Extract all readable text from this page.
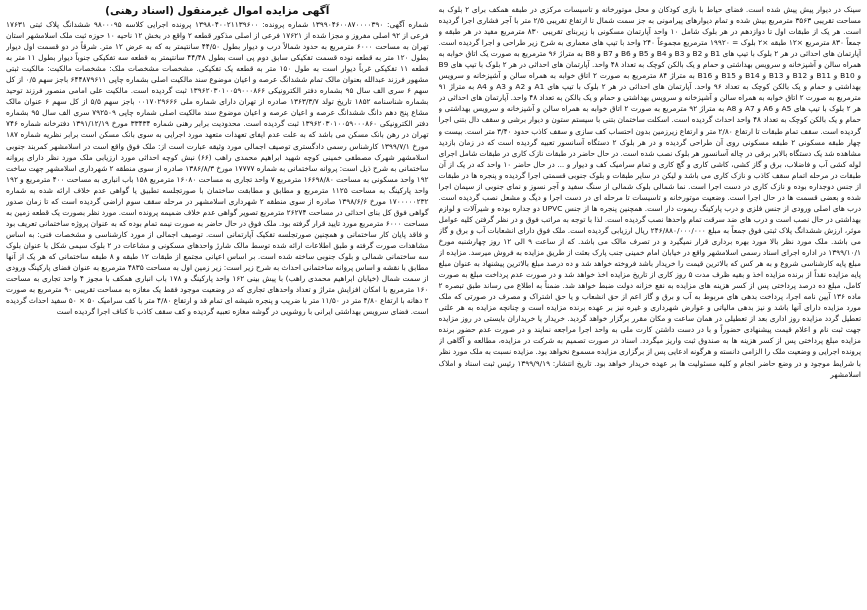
آگهی مزایده اموال غیرمنقول (اسناد رهنی)

شماره آگهی: ۱۳۹۹۰۴۶۰۰۸۷۰۰۰۰۳۹۰ شماره پرونده: ۱۳۹۸۰۴۰۰۲۱۱۳۹۶۰۰ پرونده اجرایی کلاسه ۹۸۰۰۰۹۵ ششدانگ پلاک ثبتی ۱۷۶۳۱ فرعی از ۹۲ اصلی مفروز و مجزا شده از ۱۷۶۲۱ فرعی از اصلی مذکور قطعه ۲ واقع در بخش ۱۲ ناحیه ۱۰ حوزه ثبت ملک اسلامشهر استان تهران به مساحت ۶۰۰۰ مترمربع به حدود شمالاً درب و دیوار بطول ۴۴/۵۰ سانتیمتر به که به عرض ۱۲ متر. شرقاً در دو قسمت اول دیوار بطول ۱۲۰ متر به قطعه نوده قسمت تفکیکی سابق دوم پی است بطول ۴۴/۴۸ سانتیمتر به قطعه سه تفکیکی جنوباً دیوار بطول ۱۱ متر به قطعه ۱۱ تفکیکی غرباً دیوار است به طول ۱۵۰ متر به قطعه یک تفکیکی. مشخصات مشخصات ملک: مشخصات مالکیت: مالکیت ثبتی مشهور فرزند عبدالله بعنوان مالک تمام ششدانگ عرصه و اعیان موضوع سند مالکیت اصلی بشماره چاپی ۶۴۴۸۷۹۶۱۱ باجز سهم ۰/۵ از کل سهم ۶ سری الف سال ۹۵ بشماره دفتر الکترونیکی ۱۳۹۶۲۰۳۰۱۰۰۵۹۰۰۰۸۶۶ ثبت گردیده است. مالکیت علی امامی منصور فرزند توحید بشماره شناسنامه ۱۸۵۲ تاریخ تولد ۱۳۶۳/۳/۷ صادره از تهران دارای شماره ملی ۰۰۱۷۰۲۹۶۶۶ باجز سهم ۵/۵ از کل سهم ۶ عنوان مالک مشاع پنج دهم دانگ ششدانگ عرصه و اعیان عرصه و اعیان موضوع سند مالکیت اصلی شماره چاپی ۷۹۲۵۰۹ سری الف سال ۹۵ بشماره دفتر الکترونیکی ۱۳۹۶۲۰۳۰۱۰۰۵۹۰۰۰۸۶۰ ثبت گردیده است. محدودیت برابر رهنی شماره ۳۳۴۳۴ مورخ ۱۳۹۱/۱۲/۱۹ دفترخانه شماره ۷۴۶ تهران در رهن بانک مسکن می باشد که به علت عدم ایفای تعهدات متعهد مورد اجرایی به سوی بانک مسکن است برابر نظریه شماره ۱۸۷ مورخ ۱۳۹۹/۷/۱ کارشناس رسمی دادگستری توصیف اجمالی مورد وثیقه عبارت است از: ملک فوق واقع است در اسلامشهر کمربند جنوبی اسلامشهر شهرک مصطفی خمینی کوچه شهید ابراهیم محمدی راهب (۶۶) نبش کوچه احداثی مورد ارزیابی ملک مورد نظر دارای پروانه ساختمانی به شرح ذیل است: پروانه ساختمانی به شماره ۱۷۷۷۷ مورخ ۱۳۸۶/۸/۳ صادره از سوی منطقه ۲ شهرداری اسلامشهر جهت ساخت ۱۹۲ واحد مسکونی به مساحت ۱۶۶۹۸/۸۰ مترمربع ۷ واحد تجاری به مساحت ۱۶۰۸۰ مترمربع ۱۵۸ باب انباری به مساحت ۴۰۰ مترمربع و ۱۹۲ واحد پارکینگ به مساحت ۱۱۲۵ مترمربع و مطابق و مطابقت ساختمان با صورتجلسه تطبیق یا گواهی عدم خلاف ارائه شده به شماره ۱۷۰۰۰۰۰۲۳۲ مورخ ۱۳۹۸/۶/۶ صادره از سوی منطقه ۲ شهرداری اسلامشهر در مرحله سقف سوم اراضی گردیده است که تا زمان صدور گواهی فوق کل بنای احداثی در مساحت ۲۶۲۷۴ مترمربع تصویر گواهی عدم خلاف ضمیمه پرونده است. مورد نظر بصورت یک قطعه زمین به مساحت ۶۰۰۰ مترمربع مورد تایید قرار گرفته بود. ملک فوق در حال حاضر به صورت نیمه تمام بوده که به عنوان پروژه ساختمانی تعریف بود و فاقد پایان کار ساختمانی و همچنین صورتجلسه تفکیک آپارتمانی است. توصیف اجمالی از مورد کارشناسی و مشخصات فنی: به اساس مشاهدات صورت گرفته و طبق اطلاعات ارائه شده توسط مالک شارژ واحدهای مسکونی و مشاعات در ۲ بلوک سیمی شکل با عنوان بلوک سه ساختمانی شمالی و بلوک جنوبی ساخته شده است. بر اساس اعیانی مجتمع از طبقات ۱۲ طبقه و ۸ طبقه ساختمانی که هر یک از آنها مطابق با نقشه و اساس پروانه ساختمانی احداث به شرح زیر است: زیر زمین اول به مساحت ۴۸۳۵ مترمربع به عنوان فضای پارکینگ ورودی از سمت شمال (خیابان ابراهیم محمدی راهب) با پیش بینی ۱۶۲ واحد پارکینگ و ۱۷۸ باب انباری همکف با مجوز ۴ واحد تجاری به مساحت ۱۶۰ مترمربع با امکان افزایش متراژ و تعداد واحدهای تجاری که در وضعیت موجود فقط یک مغازه به مساحت تقریبی ۹۰ مترمربع به صورت ۲ دهانه با ارتفاع ۴/۸۰ متر در ۱۱/۵۰ متر با ضریب و پنجره شیشه ای تمام قد و ارتفاع ۴/۸۰ متر با کف سرامیک ۵۰ × ۵۰ سفید احداث گردیده است. فضای سرویس بهداشتی ایرانی با روشویی در گوشه مغازه تعبیه گردیده و کف سقف کاذب تا کناف اجرا گردیده است

سینک در دیوار پیش پیش شده است. فضای حیاط با بازی کودکان و محل موتورخانه و تاسیسات مرکزی در طبقه همکف برای ۲ بلوک به مساحت تقریبی ۳۵۶۳ مترمربع بیش شده و تمام دیوارهای پیرامونی به جز سمت شمال تا ارتفاع تقریبی ۲/۵ متر با آجر فشاری اجرا گردیده است. هر یک از طبقات اول تا دوازدهم در هر بلوک شامل ۱۰ واحد آپارتمان مسکونی با زیربنای تقریبی ۸۳۰ مترمربع مفید در هر طبقه و جمعاً ۸۳۰ مترمربع ×۱۲ طبقه ×۲ بلوک = ۱۹۹۲۰ مترمربع مجموعاً ۲۴۰ واحد با تیپ های معماری به شرح زیر طراحی و اجرا گردیده است. آپارتمان های احداثی در هر ۲ بلوک با تیپ های B1 و B2 و B3 و B4 و B5 و B6 و B7 و B8 به متراژ ۹۶ مترمربع به صورت یک اتاق خوابه به همراه سالن و آشپزخانه و سرویس بهداشتی و حمام و یک بالکن کوچک به تعداد ۴۸ واحد. آپارتمان های احداثی در هر ۲ بلوک با تیپ های B9 و B10 و B11 و B12 و B13 و B14 و B15 و B16 به متراژ ۸۴ مترمربع به صورت ۲ اتاق خوابه به همراه سالن و آشپزخانه و سرویس بهداشتی و حمام و یک بالکن کوچک به تعداد ۹۶ واحد. آپارتمان های احداثی در هر ۲ بلوک با تیپ های A1 و A2 و A3 و A4 به متراژ ۹۱ مترمربع به صورت ۲ اتاق خوابه به همراه سالن و آشپزخانه و سرویس بهداشتی و حمام و یک بالکن به تعداد ۴۸ واحد. آپارتمان های احداثی در هر ۲ بلوک با تیپ های A5 و A6 و A7 و A8 به متراژ ۹۲ مترمربع به صورت ۲ اتاق خوابه به همراه سالن و آشپزخانه و سرویس بهداشتی و حمام و یک بالکن کوچک به تعداد ۴۸ واحد احداث گردیده است. اسکلت ساختمان بتنی با سیستم ستون و دیوار برشی و سقف دال بتنی اجرا گردیده است. سقف تمام طبقات تا ارتفاع ۲/۸۰ متر و ارتفاع زیرزمین بدون احتساب کف سازی و سقف کاذب حدود ۳/۴۰ متر است. بیست و چهار طبقه مسکونی ۲ طبقه مسکونی روی آن طراحی گردیده و در هر بلوک ۲ دستگاه آسانسور تعبیه گردیده است که در زمان بازدید مشاهده شد یک دستگاه بالابر برقی در چاله آسانسور هر بلوک نصب شده است. در حال حاضر در طبقات نازک کاری در طبقات شامل اجرای لوله کشی آب و فاضلاب، برق و گاز کشی، کاشی کاری و گچ کاری و تمام سرامیک کف و دیوار و ... در حال حاضر ۱۰ واحد که در یک از آن طبقات در مرحله اتمام سقف کاذب و نازک کاری می باشد و لیکن در سایر طبقات و بلوک جنوبی قسمتی اجرا گردیده و پنجره ها در طبقات از جنس دوجداره بوده و نازک کاری در دست اجرا است. نما شمالی بلوک شمالی از سنگ سفید و آجر نسوز و نمای جنوبی از سیمان اجرا شده و بعضی قسمت ها در حال اجرا است. وضعیت موتورخانه و تاسیسات تا مرحله ای در دست اجرا و دیگ و مشعل نصب گردیده است. درب های اصلی ورودی از جنس فلزی و درب پارکینگ ریموت دار است. همچنین پنجره ها از جنس UPVC دو جداره بوده و شیرآلات و لوازم بهداشتی در حال نصب است و درب های ضد سرقت تمام واحدها نصب گردیده است. لذا با توجه به مراتب فوق و در نظر گرفتن کلیه عوامل موثر، ارزش ششدانگ پلاک ثبتی فوق جمعاً به مبلغ ۲۴۶/۸۸۰/۰۰۰/۰۰۰ ریال ارزیابی گردیده است. ملک فوق دارای انشعابات آب و برق و گاز می باشد. ملک مورد نظر بالا مورد بهره برداری قرار نمیگیرد و در تصرف مالک می باشد. که از ساعت ۹ الی ۱۲ روز چهارشنبه مورخ ۱۳۹۹/۱۰/۱ در اداره اجرای اسناد رسمی اسلامشهر واقع در خیابان امام خمینی جنب پارک بعثت از طریق مزایده به فروش میرسد. مزایده از مبلغ پایه کارشناسی شروع و به هر کس که بالاترین قیمت را خریدار باشد فروخته خواهد شد و ده درصد مبلغ بالاترین پیشنهاد به عنوان مبلغ پایه مزایده نقداً از برنده مزایده اخذ و بقیه ظرف مدت ۵ روز کاری از تاریخ مزایده اخذ خواهد شد و در صورت عدم پرداخت مبلغ به صورت کامل، مبلغ ده درصد پرداختی پس از کسر هزینه های مزایده به نفع خزانه دولت ضبط خواهد شد. ضمناً به اطلاع می رساند طبق تبصره ۲ ماده ۱۳۶ آیین نامه اجرا، پرداخت بدهی های مربوط به آب و برق و گاز اعم از حق انشعاب و یا حق اشتراک و مصرف در صورتی که ملک مورد مزایده دارای آنها باشد و نیز بدهی مالیاتی و عوارض شهرداری و غیره نیز بر عهده برنده مزایده است و چنانچه مزایده به هر علتی تعطیل گردد مزایده روز اداری بعد از تعطیلی در همان ساعت و مکان مقرر برگزار خواهد گردید. خریدار یا خریداران بایستی در روز مزایده جهت ثبت نام و اعلام قیمت پیشنهادی حضوراً و با در دست داشتن کارت ملی به واحد اجرا مراجعه نمایند و در صورت عدم حضور برنده مزایده مبلغ پرداختی پس از کسر هزینه ها به صندوق ثبت واریز میگردد. اسناد در صورت تصمیم به شرکت در مزایده، مطالعه و آگاهی از پرونده اجرایی و وضعیت ملک را الزامی دانسته و هرگونه ادعایی پس از برگزاری مزایده مسموع نخواهد بود. مزایده نسبت به ملک مورد نظر با شرایط موجود و در وضع حاضر انجام و کلیه مسئولیت ها بر عهده خریدار خواهد بود. تاریخ انتشار: ۱۳۹۹/۹/۱۹ رئیس ثبت اسناد و املاک اسلامشهر
